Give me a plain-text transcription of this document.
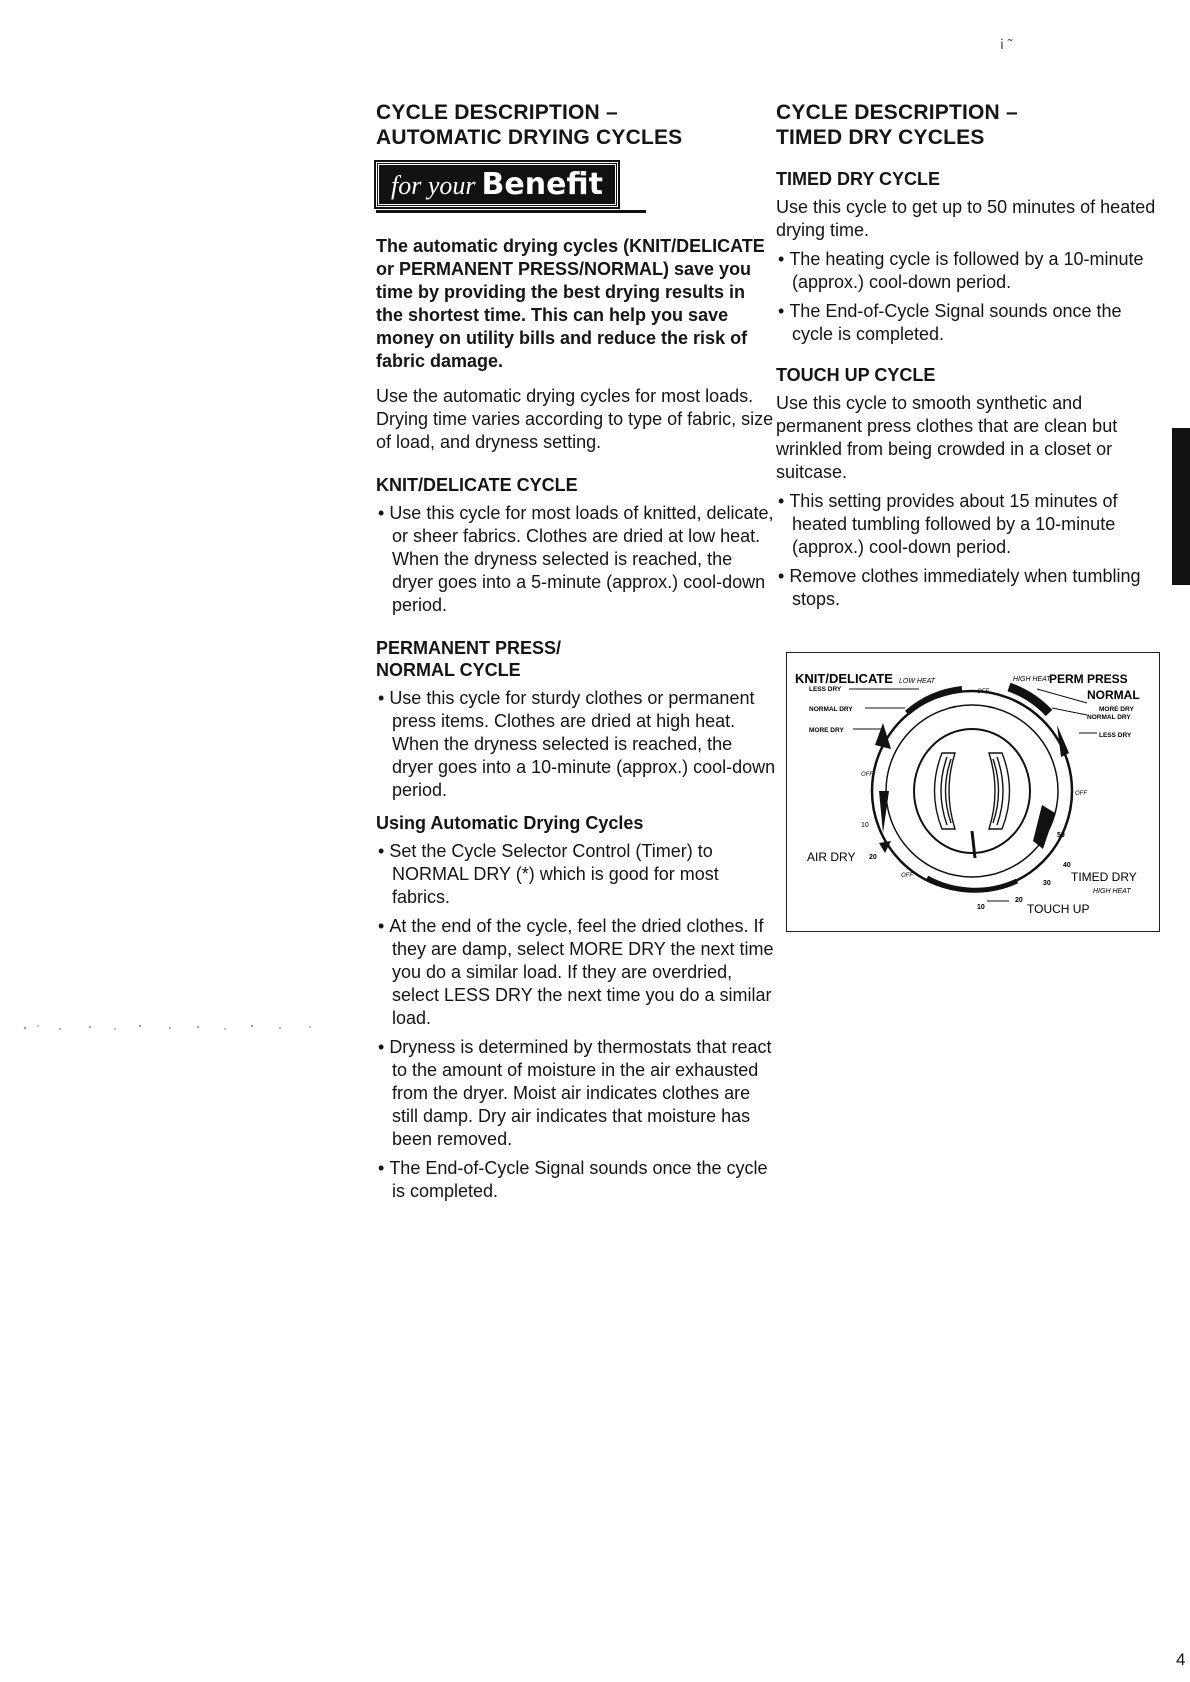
ⅰ ˜
CYCLE DESCRIPTION –
AUTOMATIC DRYING CYCLES
for your Benefit

The automatic drying cycles (KNIT/DELICATE or PERMANENT PRESS/NORMAL) save you time by providing the best drying results in the shortest time. This can help you save money on utility bills and reduce the risk of fabric damage.

Use the automatic drying cycles for most loads. Drying time varies according to type of fabric, size of load, and dryness setting.

KNIT/DELICATE CYCLE
• Use this cycle for most loads of knitted, delicate, or sheer fabrics. Clothes are dried at low heat. When the dryness selected is reached, the dryer goes into a 5-minute (approx.) cool-down period.
PERMANENT PRESS/
NORMAL CYCLE
• Use this cycle for sturdy clothes or permanent press items. Clothes are dried at high heat. When the dryness selected is reached, the dryer goes into a 10-minute (approx.) cool-down period.
Using Automatic Drying Cycles
• Set the Cycle Selector Control (Timer) to NORMAL DRY (*) which is good for most fabrics.
• At the end of the cycle, feel the dried clothes. If they are damp, select MORE DRY the next time you do a similar load. If they are overdried, select LESS DRY the next time you do a similar load.
• Dryness is determined by thermostats that react to the amount of moisture in the air exhausted from the dryer. Moist air indicates clothes are still damp. Dry air indicates that moisture has been removed.
• The End-of-Cycle Signal sounds once the cycle is completed.
CYCLE DESCRIPTION –
TIMED DRY CYCLES
TIMED DRY CYCLE

Use this cycle to get up to 50 minutes of heated drying time.

• The heating cycle is followed by a 10-minute (approx.) cool-down period.
• The End-of-Cycle Signal sounds once the cycle is completed.
TOUCH UP CYCLE

Use this cycle to smooth synthetic and permanent press clothes that are clean but wrinkled from being crowded in a closet or suitcase.

• This setting provides about 15 minutes of heated tumbling followed by a 10-minute (approx.) cool-down period.
• Remove clothes immediately when tumbling stops.
KNIT/DELICATE LOW HEAT	HIGH HEAT
PERM PRESS
NORMAL
LESS DRY
NORMAL DRY
MORE DRY
MORE DRY
NORMAL DRY
LESS DRY
OFF
OFF
OFF
OFF
10
AIR DRY 20
50
40
30
20
10
TIMED DRY
HIGH HEAT
TOUCH UP
4
